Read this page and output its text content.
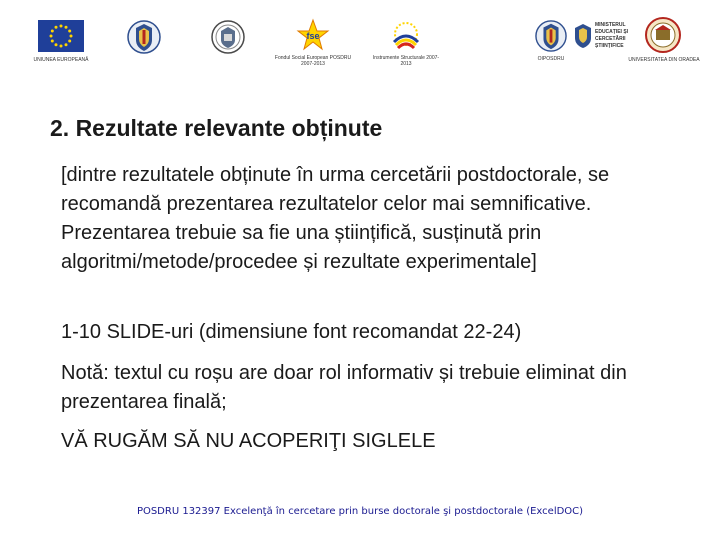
UNIUNEA EUROPEANĂ
fse
Fondul Social European POSDRU 2007-2013
Instrumente Structurale 2007-2013
OIPOSDRU
MINISTERUL EDUCAȚIEI ȘI CERCETĂRII ȘTIINȚIFICE
UNIVERSITATEA DIN ORADEA
2. Rezultate relevante obținute
[dintre rezultatele obținute în urma cercetării postdoctorale, se recomandă prezentarea rezultatelor celor mai semnificative. Prezentarea trebuie sa fie una științifică, susținută prin algoritmi/metode/procedee și rezultate experimentale]
1-10 SLIDE-uri (dimensiune font recomandat 22-24)
Notă: textul cu roșu are doar rol informativ și trebuie eliminat din prezentarea finală;
VĂ RUGĂM SĂ NU ACOPERIŢI SIGLELE
POSDRU 132397 Excelenţă în cercetare prin burse doctorale şi postdoctorale (ExcelDOC)
